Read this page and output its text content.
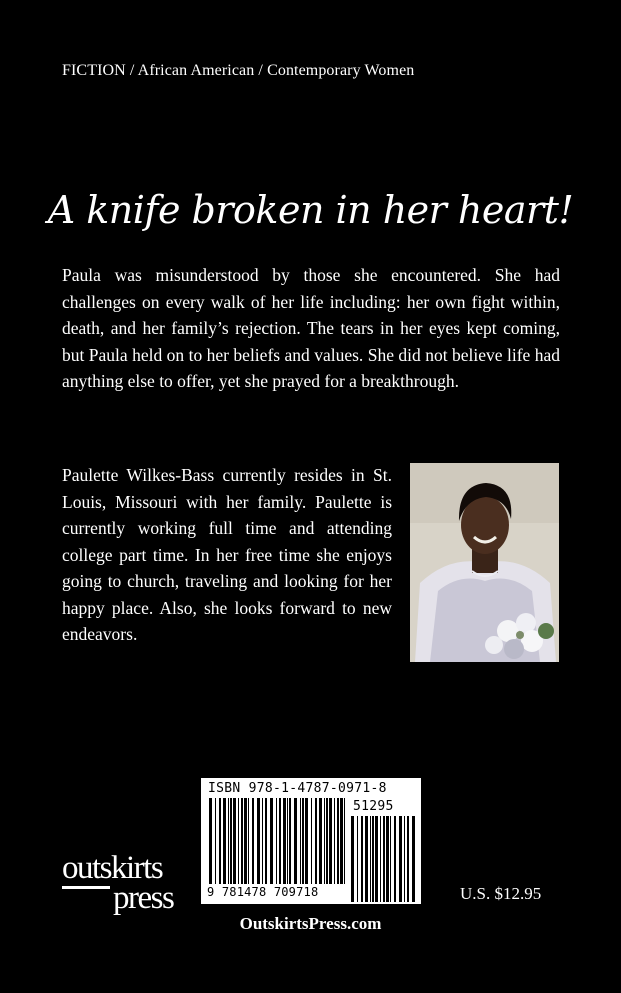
FICTION / African American / Contemporary Women
A knife broken in her heart!

Paula was misunderstood by those she encountered. She had challenges on every walk of her life including: her own fight within, death, and her family’s rejection. The tears in her eyes kept coming, but Paula held on to her beliefs and values. She did not believe life had anything else to offer, yet she prayed for a breakthrough.

Paulette Wilkes-Bass currently resides in St. Louis, Missouri with her family. Paulette is currently working full time and attending college part time. In her free time she enjoys going to church, traveling and looking for her happy place. Also, she looks forward to new endeavors.

ISBN 978-1-4787-0971-8
51295
9 781478 709718
outskirts
press	U.S. $12.95
OutskirtsPress.com
